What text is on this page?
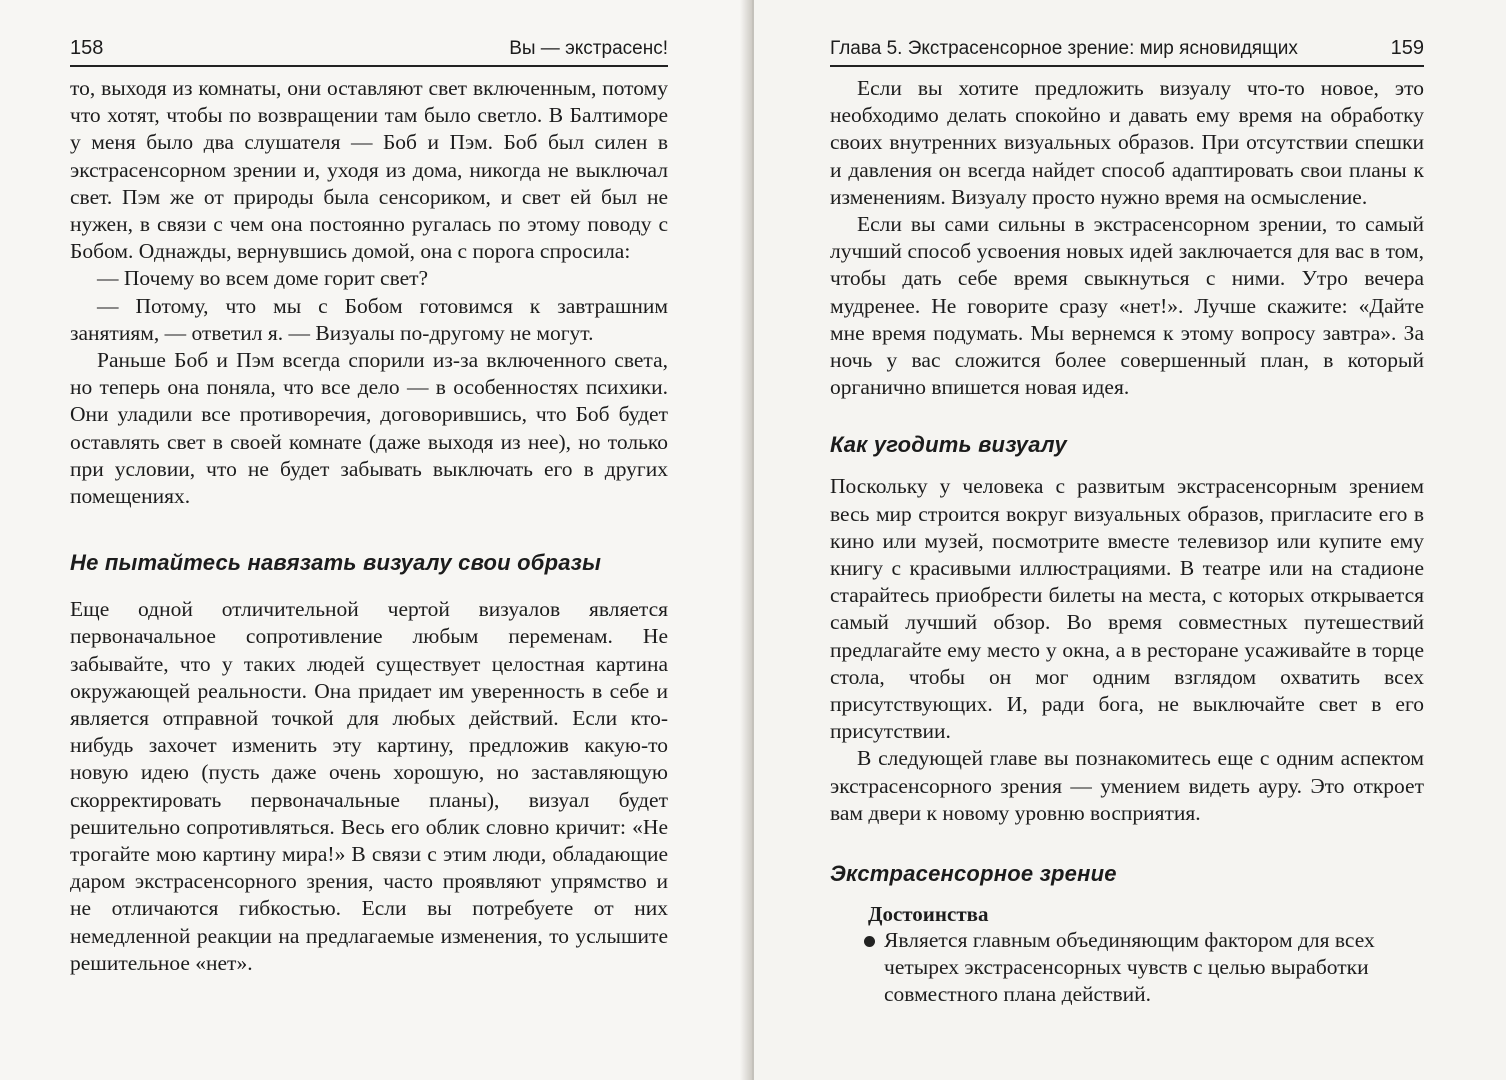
158	Вы — экстрасенс!

то, выходя из комнаты, они оставляют свет включенным, потому что хотят, чтобы по возвращении там было светло. В Балтиморе у меня было два слушателя — Боб и Пэм. Боб был силен в экстрасенсорном зрении и, уходя из дома, никогда не выключал свет. Пэм же от природы была сенсориком, и свет ей был не нужен, в связи с чем она постоянно ругалась по этому поводу с Бобом. Однажды, вернувшись домой, она с порога спросила:

— Почему во всем доме горит свет?

— Потому, что мы с Бобом готовимся к завтрашним занятиям, — ответил я. — Визуалы по-другому не могут.

Раньше Боб и Пэм всегда спорили из-за включенного света, но теперь она поняла, что все дело — в особенностях психики. Они уладили все противоречия, договорившись, что Боб будет оставлять свет в своей комнате (даже выходя из нее), но только при условии, что не будет забывать выключать его в других помещениях.

Не пытайтесь навязать визуалу свои образы

Еще одной отличительной чертой визуалов является первоначальное сопротивление любым переменам. Не забывайте, что у таких людей существует целостная картина окружающей реальности. Она придает им уверенность в себе и является отправной точкой для любых действий. Если кто-нибудь захочет изменить эту картину, предложив какую-то новую идею (пусть даже очень хорошую, но заставляющую скорректировать первоначальные планы), визуал будет решительно сопротивляться. Весь его облик словно кричит: «Не трогайте мою картину мира!» В связи с этим люди, обладающие даром экстрасенсорного зрения, часто проявляют упрямство и не отличаются гибкостью. Если вы потребуете от них немедленной реакции на предлагаемые изменения, то услышите решительное «нет».

Глава 5. Экстрасенсорное зрение: мир ясновидящих	159

Если вы хотите предложить визуалу что-то новое, это необходимо делать спокойно и давать ему время на обработку своих внутренних визуальных образов. При отсутствии спешки и давления он всегда найдет способ адаптировать свои планы к изменениям. Визуалу просто нужно время на осмысление.

Если вы сами сильны в экстрасенсорном зрении, то самый лучший способ усвоения новых идей заключается для вас в том, чтобы дать себе время свыкнуться с ними. Утро вечера мудренее. Не говорите сразу «нет!». Лучше скажите: «Дайте мне время подумать. Мы вернемся к этому вопросу завтра». За ночь у вас сложится более совершенный план, в который органично впишется новая идея.

Как угодить визуалу

Поскольку у человека с развитым экстрасенсорным зрением весь мир строится вокруг визуальных образов, пригласите его в кино или музей, посмотрите вместе телевизор или купите ему книгу с красивыми иллюстрациями. В театре или на стадионе старайтесь приобрести билеты на места, с которых открывается самый лучший обзор. Во время совместных путешествий предлагайте ему место у окна, а в ресторане усаживайте в торце стола, чтобы он мог одним взглядом охватить всех присутствующих. И, ради бога, не выключайте свет в его присутствии.

В следующей главе вы познакомитесь еще с одним аспектом экстрасенсорного зрения — умением видеть ауру. Это откроет вам двери к новому уровню восприятия.

Экстрасенсорное зрение
Достоинства
Является главным объединяющим фактором для всех четырех экстрасенсорных чувств с целью выработки совместного плана действий.
